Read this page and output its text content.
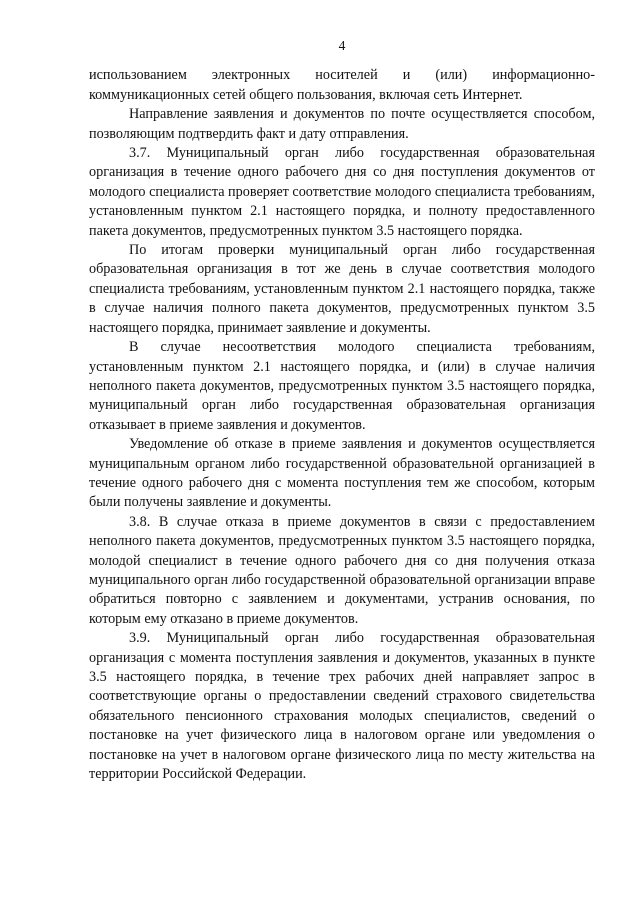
4

использованием электронных носителей и (или) информационно-коммуникационных сетей общего пользования, включая сеть Интернет.

Направление заявления и документов по почте осуществляется способом, позволяющим подтвердить факт и дату отправления.

3.7. Муниципальный орган либо государственная образовательная организация в течение одного рабочего дня со дня поступления документов от молодого специалиста проверяет соответствие молодого специалиста требованиям, установленным пунктом 2.1 настоящего порядка, и полноту предоставленного пакета документов, предусмотренных пунктом 3.5 настоящего порядка.

По итогам проверки муниципальный орган либо государственная образовательная организация в тот же день в случае соответствия молодого специалиста требованиям, установленным пунктом 2.1 настоящего порядка, также в случае наличия полного пакета документов, предусмотренных пунктом 3.5 настоящего порядка, принимает заявление и документы.

В случае несоответствия молодого специалиста требованиям, установленным пунктом 2.1 настоящего порядка, и (или) в случае наличия неполного пакета документов, предусмотренных пунктом 3.5 настоящего порядка, муниципальный орган либо государственная образовательная организация отказывает в приеме заявления и документов.

Уведомление об отказе в приеме заявления и документов осуществляется муниципальным органом либо государственной образовательной организацией в течение одного рабочего дня с момента поступления тем же способом, которым были получены заявление и документы.

3.8. В случае отказа в приеме документов в связи с предоставлением неполного пакета документов, предусмотренных пунктом 3.5 настоящего порядка, молодой специалист в течение одного рабочего дня со дня получения отказа муниципального орган либо государственной образовательной организации вправе обратиться повторно с заявлением и документами, устранив основания, по которым ему отказано в приеме документов.

3.9. Муниципальный орган либо государственная образовательная организация с момента поступления заявления и документов, указанных в пункте 3.5 настоящего порядка, в течение трех рабочих дней направляет запрос в соответствующие органы о предоставлении сведений страхового свидетельства обязательного пенсионного страхования молодых специалистов, сведений о постановке на учет физического лица в налоговом органе или уведомления о постановке на учет в налоговом органе физического лица по месту жительства на территории Российской Федерации.
